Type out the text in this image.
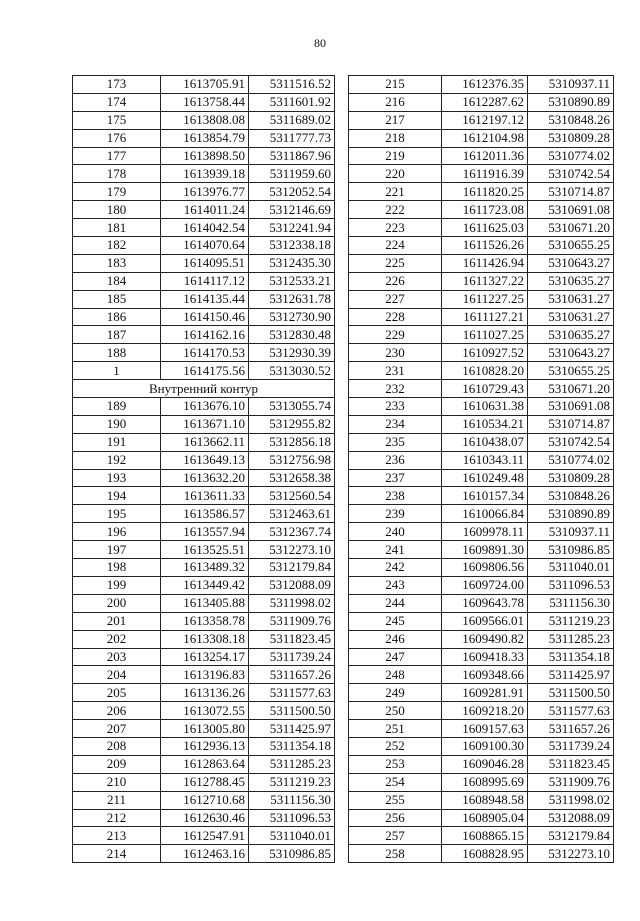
80
173	1613705.91	5311516.52
174	1613758.44	5311601.92
175	1613808.08	5311689.02
176	1613854.79	5311777.73
177	1613898.50	5311867.96
178	1613939.18	5311959.60
179	1613976.77	5312052.54
180	1614011.24	5312146.69
181	1614042.54	5312241.94
182	1614070.64	5312338.18
183	1614095.51	5312435.30
184	1614117.12	5312533.21
185	1614135.44	5312631.78
186	1614150.46	5312730.90
187	1614162.16	5312830.48
188	1614170.53	5312930.39
1	1614175.56	5313030.52
Внутренний контур		
189	1613676.10	5313055.74
190	1613671.10	5312955.82
191	1613662.11	5312856.18
192	1613649.13	5312756.98
193	1613632.20	5312658.38
194	1613611.33	5312560.54
195	1613586.57	5312463.61
196	1613557.94	5312367.74
197	1613525.51	5312273.10
198	1613489.32	5312179.84
199	1613449.42	5312088.09
200	1613405.88	5311998.02
201	1613358.78	5311909.76
202	1613308.18	5311823.45
203	1613254.17	5311739.24
204	1613196.83	5311657.26
205	1613136.26	5311577.63
206	1613072.55	5311500.50
207	1613005.80	5311425.97
208	1612936.13	5311354.18
209	1612863.64	5311285.23
210	1612788.45	5311219.23
211	1612710.68	5311156.30
212	1612630.46	5311096.53
213	1612547.91	5311040.01
214	1612463.16	5310986.85
215	1612376.35	5310937.11
216	1612287.62	5310890.89
217	1612197.12	5310848.26
218	1612104.98	5310809.28
219	1612011.36	5310774.02
220	1611916.39	5310742.54
221	1611820.25	5310714.87
222	1611723.08	5310691.08
223	1611625.03	5310671.20
224	1611526.26	5310655.25
225	1611426.94	5310643.27
226	1611327.22	5310635.27
227	1611227.25	5310631.27
228	1611127.21	5310631.27
229	1611027.25	5310635.27
230	1610927.52	5310643.27
231	1610828.20	5310655.25
232	1610729.43	5310671.20
233	1610631.38	5310691.08
234	1610534.21	5310714.87
235	1610438.07	5310742.54
236	1610343.11	5310774.02
237	1610249.48	5310809.28
238	1610157.34	5310848.26
239	1610066.84	5310890.89
240	1609978.11	5310937.11
241	1609891.30	5310986.85
242	1609806.56	5311040.01
243	1609724.00	5311096.53
244	1609643.78	5311156.30
245	1609566.01	5311219.23
246	1609490.82	5311285.23
247	1609418.33	5311354.18
248	1609348.66	5311425.97
249	1609281.91	5311500.50
250	1609218.20	5311577.63
251	1609157.63	5311657.26
252	1609100.30	5311739.24
253	1609046.28	5311823.45
254	1608995.69	5311909.76
255	1608948.58	5311998.02
256	1608905.04	5312088.09
257	1608865.15	5312179.84
258	1608828.95	5312273.10
